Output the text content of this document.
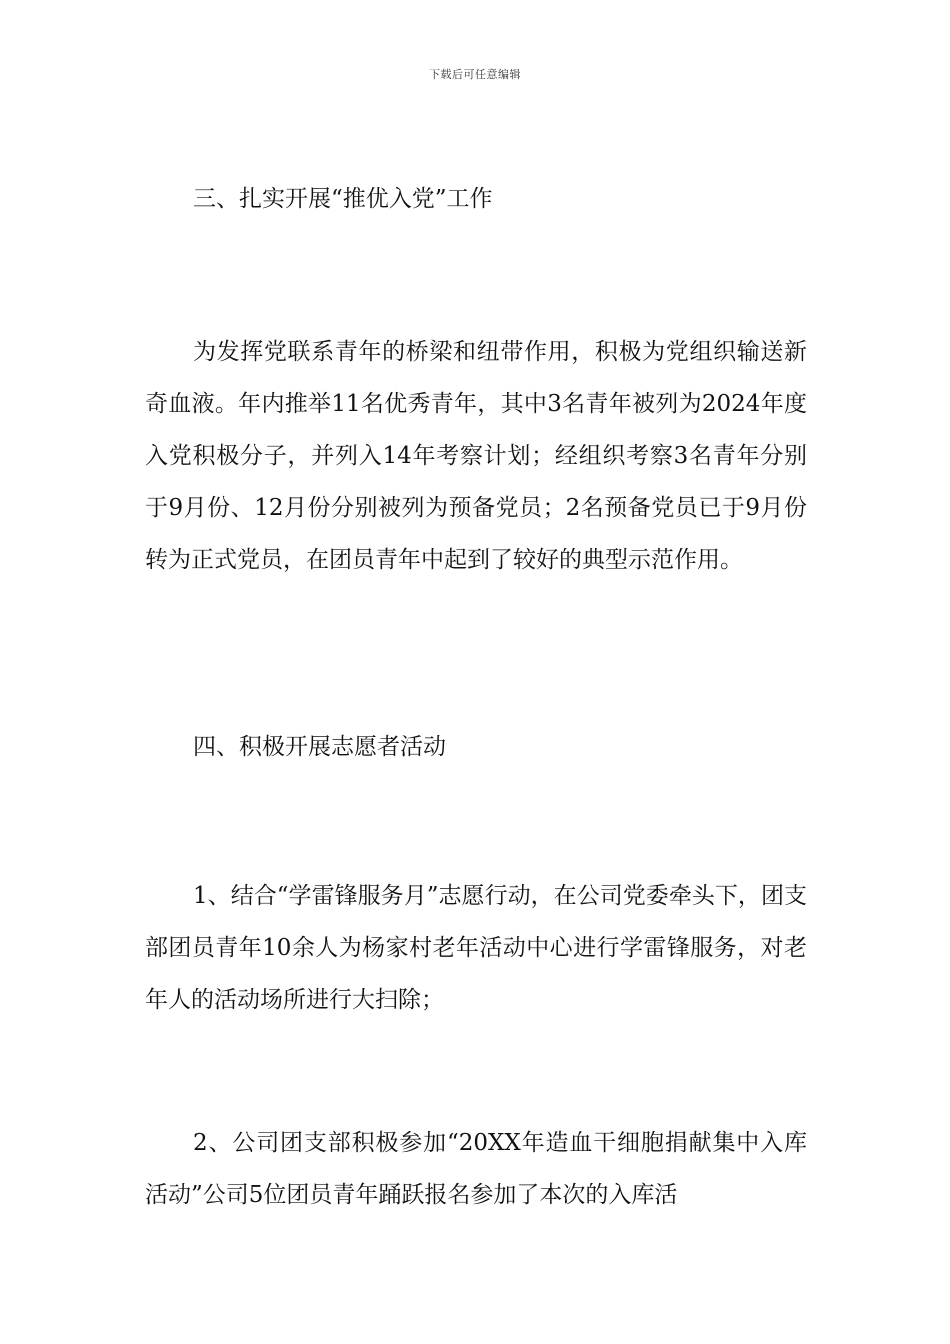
下载后可任意编辑
三、扎实开展“推优入党”工作

为发挥党联系青年的桥梁和纽带作用，积极为党组织输送新奇血液。年内推举11名优秀青年，其中3名青年被列为2024年度入党积极分子，并列入14年考察计划；经组织考察3名青年分别于9月份、12月份分别被列为预备党员；2名预备党员已于9月份转为正式党员，在团员青年中起到了较好的典型示范作用。

四、积极开展志愿者活动

1、结合“学雷锋服务月”志愿行动，在公司党委牵头下，团支部团员青年10余人为杨家村老年活动中心进行学雷锋服务，对老年人的活动场所进行大扫除；

2、公司团支部积极参加“20XX年造血干细胞捐献集中入库活动”公司5位团员青年踊跃报名参加了本次的入库活
